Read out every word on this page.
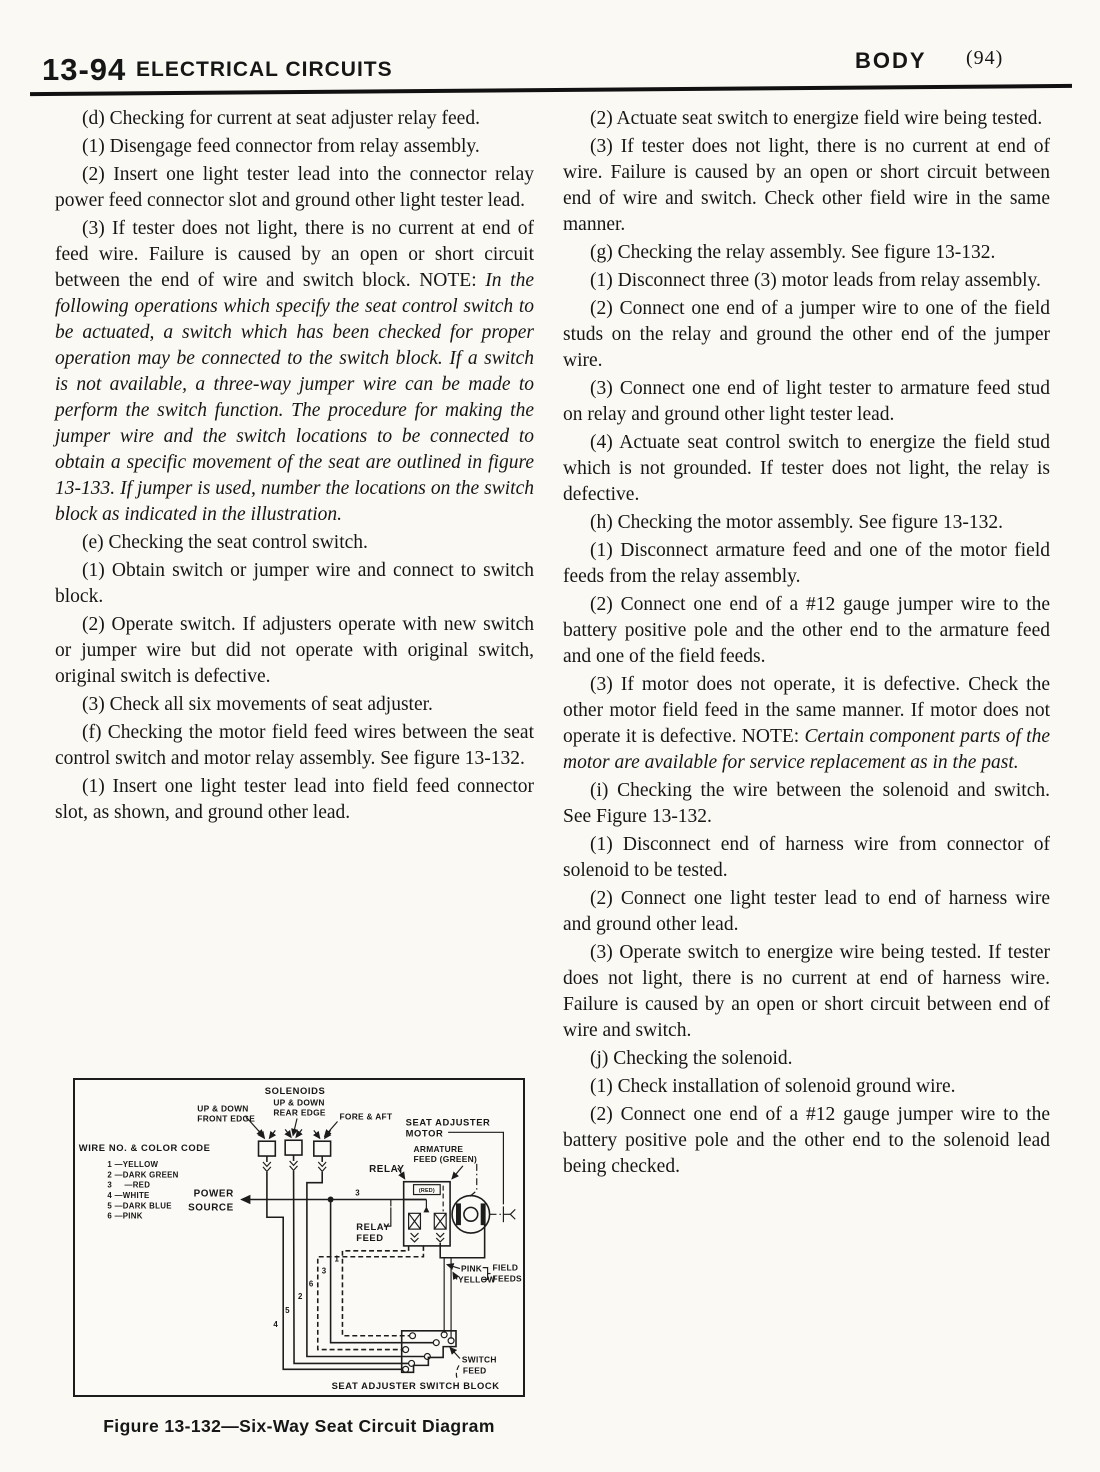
13-94 ELECTRICAL CIRCUITS	BODY (94)

(d) Checking for current at seat adjuster relay feed.

(1) Disengage feed connector from relay assembly.

(2) Insert one light tester lead into the connector relay power feed connector slot and ground other light tester lead.

(3) If tester does not light, there is no current at end of feed wire. Failure is caused by an open or short circuit between the end of wire and switch block. NOTE: In the following operations which specify the seat control switch to be actuated, a switch which has been checked for proper operation may be connected to the switch block. If a switch is not available, a three-way jumper wire can be made to perform the switch function. The procedure for making the jumper wire and the switch locations to be connected to obtain a specific movement of the seat are outlined in figure 13-133. If jumper is used, number the locations on the switch block as indicated in the illustration.

(e) Checking the seat control switch.

(1) Obtain switch or jumper wire and connect to switch block.

(2) Operate switch. If adjusters operate with new switch or jumper wire but did not operate with original switch, original switch is defective.

(3) Check all six movements of seat adjuster.

(f) Checking the motor field feed wires between the seat control switch and motor relay assembly. See figure 13-132.

(1) Insert one light tester lead into field feed connector slot, as shown, and ground other lead.

(2) Actuate seat switch to energize field wire being tested.

(3) If tester does not light, there is no current at end of wire. Failure is caused by an open or short circuit between end of wire and switch. Check other field wire in the same manner.

(g) Checking the relay assembly. See figure 13-132.

(1) Disconnect three (3) motor leads from relay assembly.

(2) Connect one end of a jumper wire to one of the field studs on the relay and ground the other end of the jumper wire.

(3) Connect one end of light tester to armature feed stud on relay and ground other light tester lead.

(4) Actuate seat control switch to energize the field stud which is not grounded. If tester does not light, the relay is defective.

(h) Checking the motor assembly. See figure 13-132.

(1) Disconnect armature feed and one of the motor field feeds from the relay assembly.

(2) Connect one end of a #12 gauge jumper wire to the battery positive pole and the other end to the armature feed and one of the field feeds.

(3) If motor does not operate, it is defective. Check the other motor field feed in the same manner. If motor does not operate it is defective. NOTE: Certain component parts of the motor are available for service replacement as in the past.

(i) Checking the wire between the solenoid and switch. See Figure 13-132.

(1) Disconnect end of harness wire from connector of solenoid to be tested.

(2) Connect one light tester lead to end of harness wire and ground other lead.

(3) Operate switch to energize wire being tested. If tester does not light, there is no current at end of harness wire. Failure is caused by an open or short circuit between end of wire and switch.

(j) Checking the solenoid.

(1) Check installation of solenoid ground wire.

(2) Connect one end of a #12 gauge jumper wire to the battery positive pole and the other end to the solenoid lead being checked.

SOLENOIDS
UP & DOWN
FRONT EDGE
UP & DOWN
REAR EDGE FORE & AFT
SEAT ADJUSTER
MOTOR
WIRE NO. & COLOR CODE
1 —YELLOW
2 —DARK GREEN
3     —RED
4 —WHITE
5 —DARK BLUE
6 —PINK
POWER
SOURCE
3
RELAY
FEED
RELAY
(RED)
ARMATURE
FEED (GREEN)
PINK
YELLOW
FIELD
FEEDS
4
5
2
6
3
1
SWITCH
FEED
SEAT ADJUSTER SWITCH BLOCK
Figure 13-132—Six-Way Seat Circuit Diagram
